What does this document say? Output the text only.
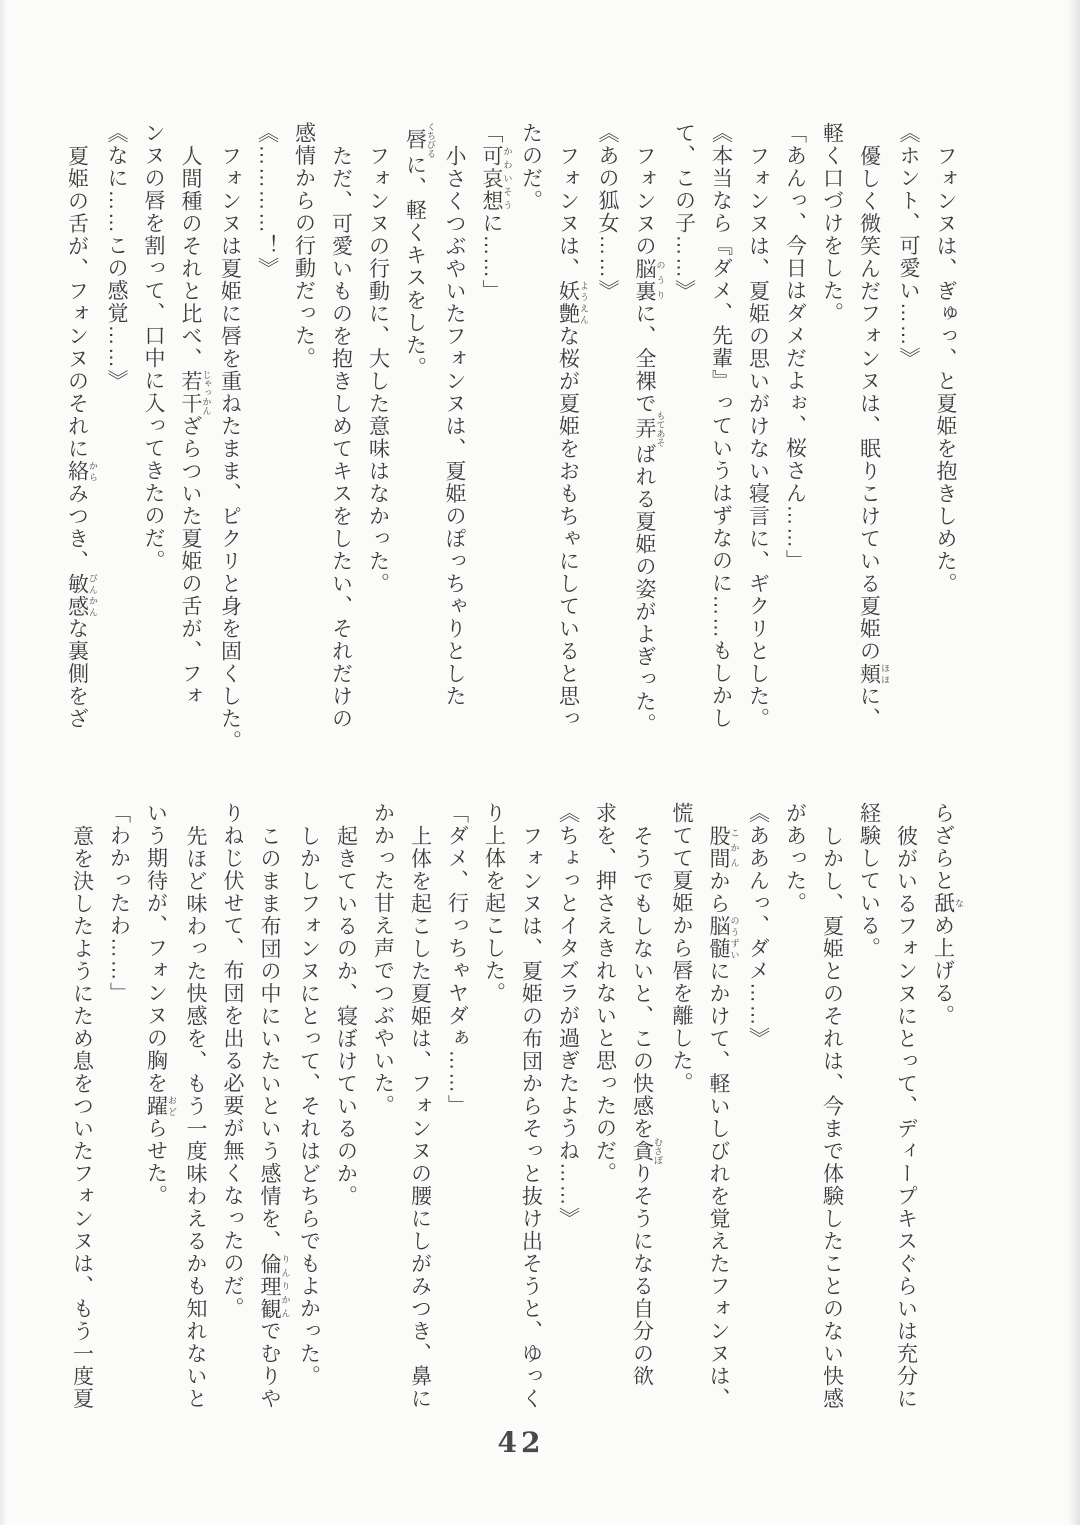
フォンヌは、ぎゅっ、と夏姫を抱きしめた。
《ホント、可愛い……》
優しく微笑んだフォンヌは、眠りこけている夏姫の頬 ほほに、
軽く口づけをした。
「あんっ、今日はダメだよぉ、桜さん……」
フォンヌは、夏姫の思いがけない寝言に、ギクリとした。
《本当なら『ダメ、先輩』っていうはずなのに……もしかし
て、この子……》
フォンヌの脳裏 のうりに、全裸で弄 もてあそばれる夏姫の姿がよぎった。
《あの狐女……》
フォンヌは、妖艶 ようえんな桜が夏姫をおもちゃにしていると思っ
たのだ。
「可哀想 かわいそうに……」
小さくつぶやいたフォンヌは、夏姫のぽっちゃりとした
唇 くちびるに、軽くキスをした。
フォンヌの行動に、大した意味はなかった。
ただ、可愛いものを抱きしめてキスをしたい、それだけの
感情からの行動だった。
《…………！》
フォンヌは夏姫に唇を重ねたまま、ピクリと身を固くした。
人間種のそれと比べ、若干 じゃっかんざらついた夏姫の舌が、フォ
ンヌの唇を割って、口中に入ってきたのだ。
《なに……この感覚……》
夏姫の舌が、フォンヌのそれに絡 からみつき、敏感 びんかんな裏側をざ
らざらと舐 なめ上げる。
彼がいるフォンヌにとって、ディープキスぐらいは充分に
経験している。
しかし、夏姫とのそれは、今まで体験したことのない快感
があった。
《ああんっ、ダメ……》
股間 こかんから脳髄 のうずいにかけて、軽いしびれを覚えたフォンヌは、
慌てて夏姫から唇を離した。
そうでもしないと、この快感を貪 むさぼりそうになる自分の欲
求を、押さえきれないと思ったのだ。
《ちょっとイタズラが過ぎたようね……》
フォンヌは、夏姫の布団からそっと抜け出そうと、ゆっく
り上体を起こした。
「ダメ、行っちゃヤダぁ……」
上体を起こした夏姫は、フォンヌの腰にしがみつき、鼻に
かかった甘え声でつぶやいた。
起きているのか、寝ぼけているのか。
しかしフォンヌにとって、それはどちらでもよかった。
このまま布団の中にいたいという感情を、倫理観 りんりかんでむりや
りねじ伏せて、布団を出る必要が無くなったのだ。
先ほど味わった快感を、もう一度味わえるかも知れないと
いう期待が、フォンヌの胸を躍 おどらせた。
「わかったわ……」
意を決したようにため息をついたフォンヌは、もう一度夏
42
